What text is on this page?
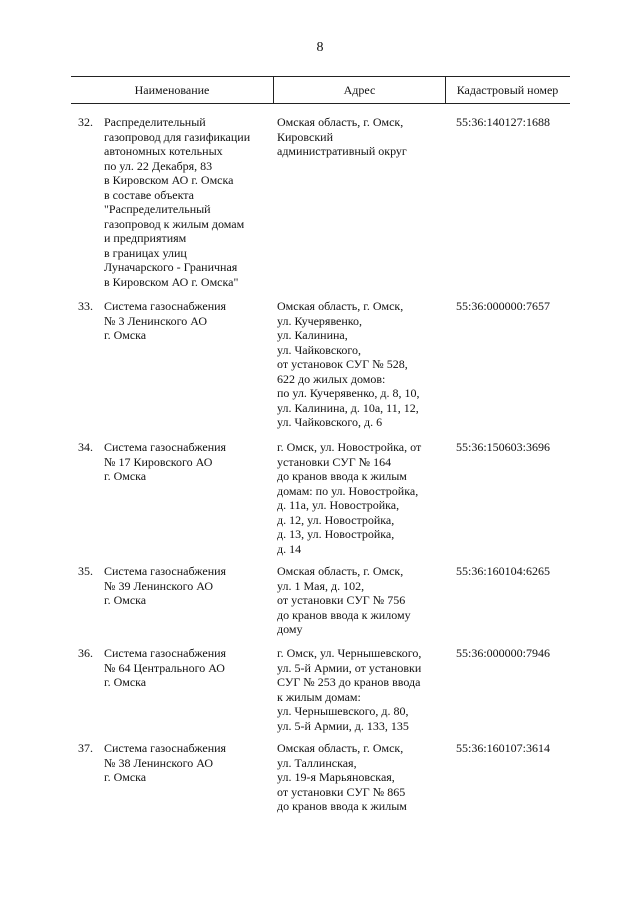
8
Наименование	Адрес	Кадастровый номер
32. Распределительный
газопровод для газификации
автономных котельных
по ул. 22 Декабря, 83
в Кировском АО г. Омска
в составе объекта
"Распределительный
газопровод к жилым домам
и предприятиям
в границах улиц
Луначарского - Граничная
в Кировском АО г. Омска"
Омская область, г. Омск,
Кировский
административный округ
55:36:140127:1688
33. Система газоснабжения
№ 3 Ленинского АО
г. Омска
Омская область, г. Омск,
ул. Кучерявенко,
ул. Калинина,
ул. Чайковского,
от установок СУГ № 528,
622 до жилых домов:
по ул. Кучерявенко, д. 8, 10,
ул. Калинина, д. 10а, 11, 12,
ул. Чайковского, д. 6
55:36:000000:7657
34. Система газоснабжения
№ 17 Кировского АО
г. Омска
г. Омск, ул. Новостройка, от
установки СУГ № 164
до кранов ввода к жилым
домам: по ул. Новостройка,
д. 11а, ул. Новостройка,
д. 12, ул. Новостройка,
д. 13, ул. Новостройка,
д. 14
55:36:150603:3696
35. Система газоснабжения
№ 39 Ленинского АО
г. Омска
Омская область, г. Омск,
ул. 1 Мая, д. 102,
от установки СУГ № 756
до кранов ввода к жилому
дому
55:36:160104:6265
36. Система газоснабжения
№ 64 Центрального АО
г. Омска
г. Омск, ул. Чернышевского,
ул. 5-й Армии, от установки
СУГ № 253 до кранов ввода
к жилым домам:
ул. Чернышевского, д. 80,
ул. 5-й Армии, д. 133, 135
55:36:000000:7946
37. Система газоснабжения
№ 38 Ленинского АО
г. Омска
Омская область, г. Омск,
ул. Таллинская,
ул. 19-я Марьяновская,
от установки СУГ № 865
до кранов ввода к жилым
55:36:160107:3614
